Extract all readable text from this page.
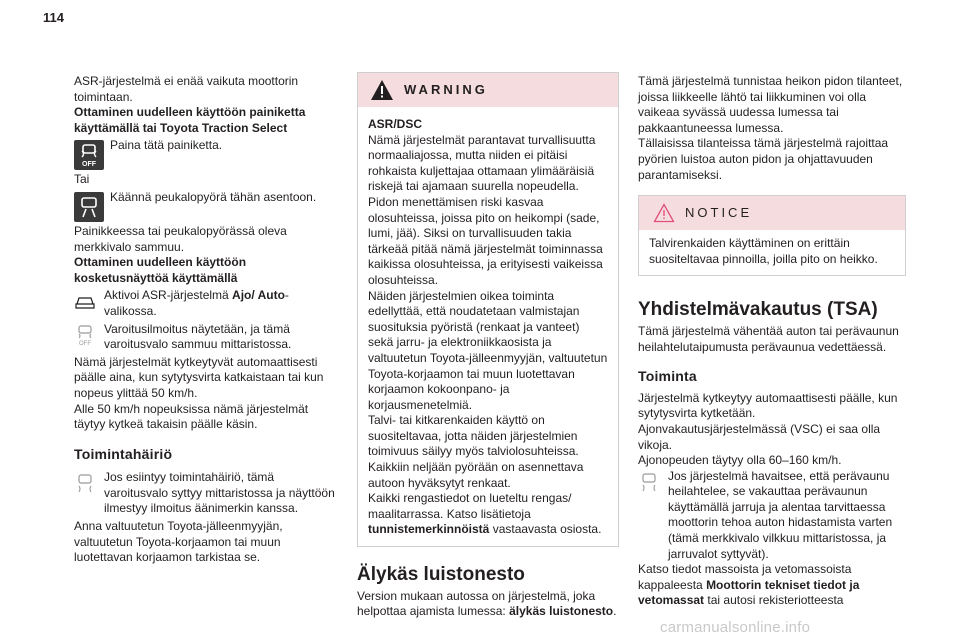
114

ASR-järjestelmä ei enää vaikuta moottorin toimintaan.

Ottaminen uudelleen käyttöön painiketta käyttämällä tai Toyota Traction Select

OFF
Paina tätä painiketta.

Tai

Käännä peukalopyörä tähän asentoon.

Painikkeessa tai peukalopyörässä oleva merkkivalo sammuu.

Ottaminen uudelleen käyttöön kosketusnäyttöä käyttämällä

Aktivoi ASR-järjestelmä Ajo/ Auto-valikossa.
OFF
Varoitusilmoitus näytetään, ja tämä varoitusvalo sammuu mittaristossa.

Nämä järjestelmät kytkeytyvät automaattisesti päälle aina, kun sytytysvirta katkaistaan tai kun nopeus ylittää 50 km/h.

Alle 50 km/h nopeuksissa nämä järjestelmät täytyy kytkeä takaisin päälle käsin.

Toimintahäiriö
Jos esiintyy toimintahäiriö, tämä varoitusvalo syttyy mittaristossa ja näyttöön ilmestyy ilmoitus äänimerkin kanssa.

Anna valtuutetun Toyota-jälleenmyyjän, valtuutetun Toyota-korjaamon tai muun luotettavan korjaamon tarkistaa se.

WARNING

ASR/DSC

Nämä järjestelmät parantavat turvallisuutta normaaliajossa, mutta niiden ei pitäisi rohkaista kuljettajaa ottamaan ylimääräisiä riskejä tai ajamaan suurella nopeudella.

Pidon menettämisen riski kasvaa olosuhteissa, joissa pito on heikompi (sade, lumi, jää). Siksi on turvallisuuden takia tärkeää pitää nämä järjestelmät toiminnassa kaikissa olosuhteissa, ja erityisesti vaikeissa olosuhteissa.

Näiden järjestelmien oikea toiminta edellyttää, että noudatetaan valmistajan suosituksia pyöristä (renkaat ja vanteet) sekä jarru- ja elektroniikkaosista ja valtuutetun Toyota-jälleenmyyjän, valtuutetun Toyota-korjaamon tai muun luotettavan korjaamon kokoonpano- ja korjausmenetelmiä.

Talvi- tai kitkarenkaiden käyttö on suositeltavaa, jotta näiden järjestelmien toimivuus säilyy myös talviolosuhteissa.

Kaikkiin neljään pyörään on asennettava autoon hyväksytyt renkaat.

Kaikki rengastiedot on lueteltu rengas/ maalitarrassa. Katso lisätietoja tunnistemerkinnöistä vastaavasta osiosta.

Älykäs luistonesto

Version mukaan autossa on järjestelmä, joka helpottaa ajamista lumessa: älykäs luistonesto.

Tämä järjestelmä tunnistaa heikon pidon tilanteet, joissa liikkeelle lähtö tai liikkuminen voi olla vaikeaa syvässä uudessa lumessa tai pakkaantuneessa lumessa.

Tällaisissa tilanteissa tämä järjestelmä rajoittaa pyörien luistoa auton pidon ja ohjattavuuden parantamiseksi.

NOTICE

Talvirenkaiden käyttäminen on erittäin suositeltavaa pinnoilla, joilla pito on heikko.

Yhdistelmävakautus (TSA)

Tämä järjestelmä vähentää auton tai perävaunun heilahtelutaipumusta perävaunua vedettäessä.

Toiminta

Järjestelmä kytkeytyy automaattisesti päälle, kun sytytysvirta kytketään.

Ajonvakautusjärjestelmässä (VSC) ei saa olla vikoja.

Ajonopeuden täytyy olla 60–160 km/h.

Jos järjestelmä havaitsee, että perävaunu heilahtelee, se vakauttaa perävaunun käyttämällä jarruja ja alentaa tarvittaessa moottorin tehoa auton hidastamista varten (tämä merkkivalo vilkkuu mittaristossa, ja jarruvalot syttyvät).

Katso tiedot massoista ja vetomassoista kappaleesta Moottorin tekniset tiedot ja vetomassat tai autosi rekisteriotteesta

carmanualsonline.info
